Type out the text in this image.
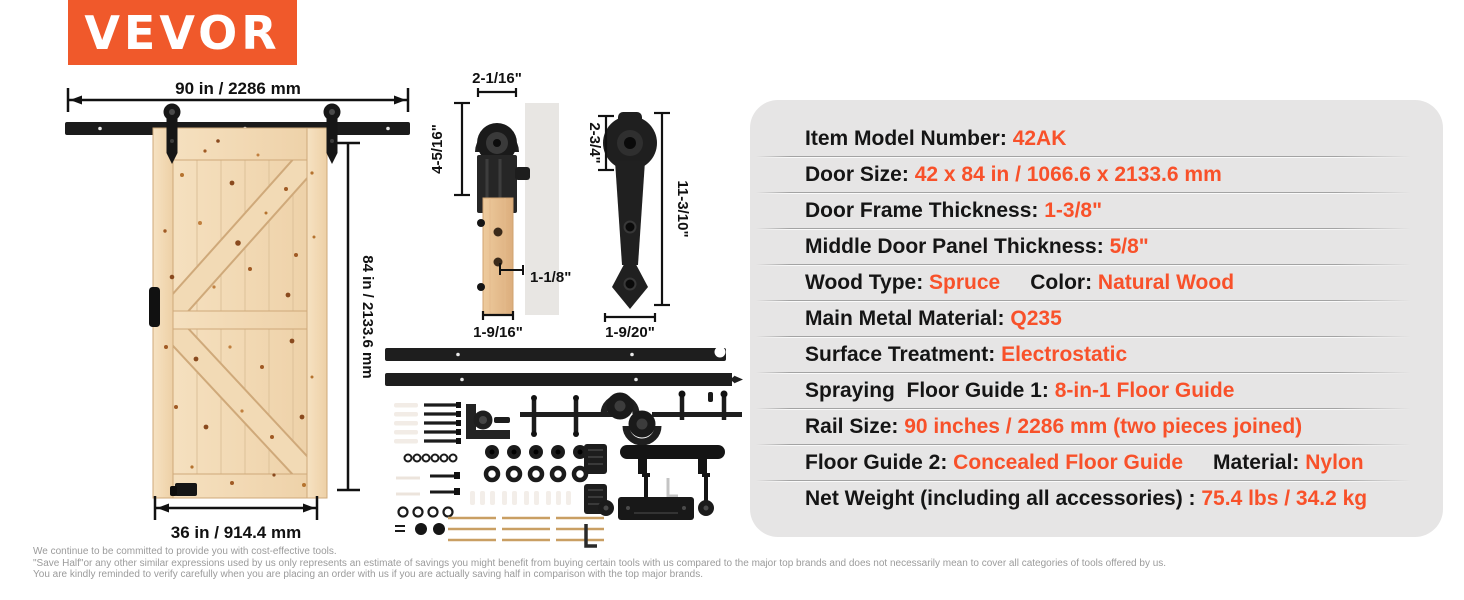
VEVOR
90 in / 2286 mm
84 in / 2133.6 mm
36 in / 914.4 mm
2-1/16"
4-5/16"
1-1/8"
1-9/16"
2-3/4"
11-3/10"
1-9/20"
Item Model Number: 42AK
Door Size: 42 x 84 in / 1066.6 x 2133.6 mm
Door Frame Thickness: 1-3/8"
Middle Door Panel Thickness: 5/8"
Wood Type: Spruce Color: Natural Wood
Main Metal Material: Q235
Surface Treatment: Electrostatic
Spraying  Floor Guide 1: 8-in-1 Floor Guide
Rail Size: 90 inches / 2286 mm (two pieces joined)
Floor Guide 2: Concealed Floor Guide Material: Nylon
Net Weight (including all accessories) : 75.4 lbs / 34.2 kg
We continue to be committed to provide you with cost-effective tools.
"Save Half"or any other similar expressions used by us only represents an estimate of savings you might benefit from buying certain tools with us compared to the major top brands and does not necessarily mean to cover all categories of tools offered by us.
You are kindly reminded to verify carefully when you are placing an order with us if you are actually saving half in comparison with the top major brands.
